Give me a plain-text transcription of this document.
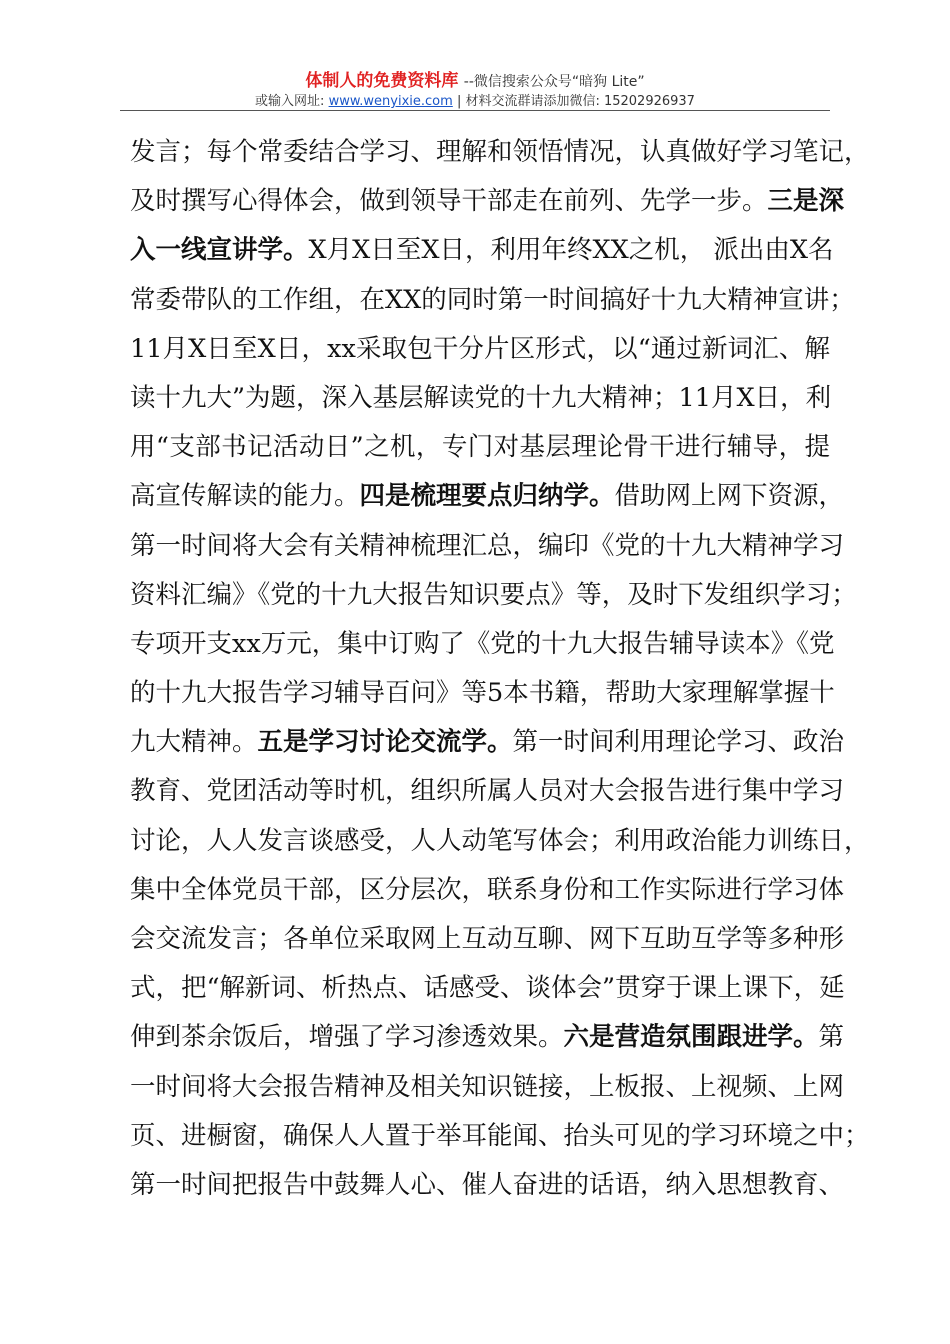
体制人的免费资料库 --微信搜索公众号“暗狗 Lite”
或输入网址: www.wenyixie.com | 材料交流群请添加微信: 15202926937
发言；每个常委结合学习、理解和领悟情况，认真做好学习笔记，
及时撰写心得体会，做到领导干部走在前列、先学一步。三是深
入一线宣讲学。X月X日至X日，利用年终XX之机， 派出由X名
常委带队的工作组，在XX的同时第一时间搞好十九大精神宣讲；
11月X日至X日，xx采取包干分片区形式，以“通过新词汇、解
读十九大”为题，深入基层解读党的十九大精神；11月X日，利
用“支部书记活动日”之机，专门对基层理论骨干进行辅导，提
高宣传解读的能力。四是梳理要点归纳学。借助网上网下资源，
第一时间将大会有关精神梳理汇总，编印《党的十九大精神学习
资料汇编》《党的十九大报告知识要点》等，及时下发组织学习；
专项开支xx万元，集中订购了《党的十九大报告辅导读本》《党
的十九大报告学习辅导百问》等5本书籍，帮助大家理解掌握十
九大精神。五是学习讨论交流学。第一时间利用理论学习、政治
教育、党团活动等时机，组织所属人员对大会报告进行集中学习
讨论，人人发言谈感受，人人动笔写体会；利用政治能力训练日，
集中全体党员干部，区分层次，联系身份和工作实际进行学习体
会交流发言；各单位采取网上互动互聊、网下互助互学等多种形
式，把“解新词、析热点、话感受、谈体会”贯穿于课上课下，延
伸到茶余饭后，增强了学习渗透效果。六是营造氛围跟进学。第
一时间将大会报告精神及相关知识链接，上板报、上视频、上网
页、进橱窗，确保人人置于举耳能闻、抬头可见的学习环境之中；
第一时间把报告中鼓舞人心、催人奋进的话语，纳入思想教育、
